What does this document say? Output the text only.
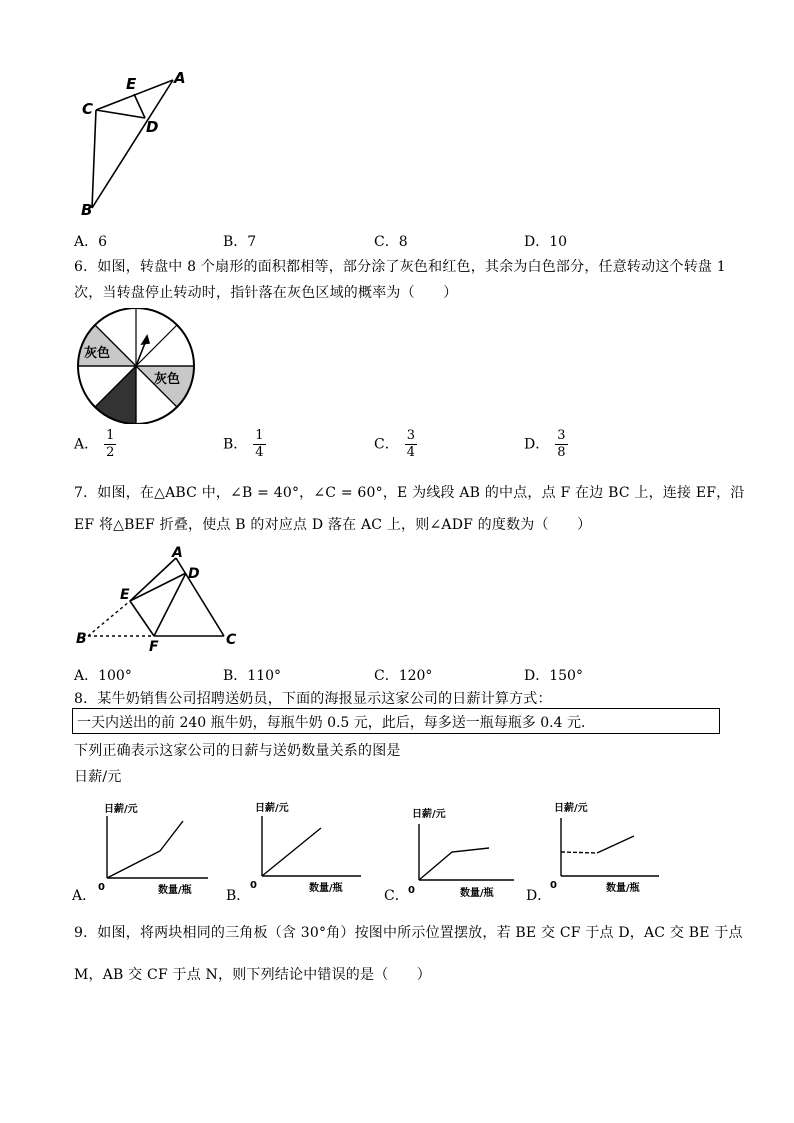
A
C
E
D
B
A．6	B．7	C．8	D．10
6．如图，转盘中 8 个扇形的面积都相等，部分涂了灰色和红色，其余为白色部分，任意转动这个转盘 1
次，当转盘停止转动时，指针落在灰色区域的概率为（　　）
灰色
灰色
A． $\frac{1}{2}$	B． $\frac{1}{4}$	C． $\frac{3}{4}$	D． $\frac{3}{8}$
7．如图，在△ABC 中，∠B = 40°，∠C = 60°，E 为线段 AB 的中点，点 F 在边 BC 上，连接 EF，沿
EF 将△BEF 折叠，使点 B 的对应点 D 落在 AC 上，则∠ADF 的度数为（　　）
A
D
E
B	F	C
A．100°	B．110°	C．120°	D．150°
8．某牛奶销售公司招聘送奶员，下面的海报显示这家公司的日薪计算方式：
一天内送出的前 240 瓶牛奶，每瓶牛奶 0.5 元，此后，每多送一瓶每瓶多 0.4 元．
下列正确表示这家公司的日薪与送奶数量关系的图是
日薪/元
A．
日薪/元
数量/瓶
0
B．
日薪/元
数量/瓶
0
C．
日薪/元
数量/瓶
0	D．
日薪/元
数量/瓶
0
9．如图，将两块相同的三角板（含 30°角）按图中所示位置摆放，若 BE 交 CF 于点 D，AC 交 BE 于点
M，AB 交 CF 于点 N，则下列结论中错误的是（　　）
